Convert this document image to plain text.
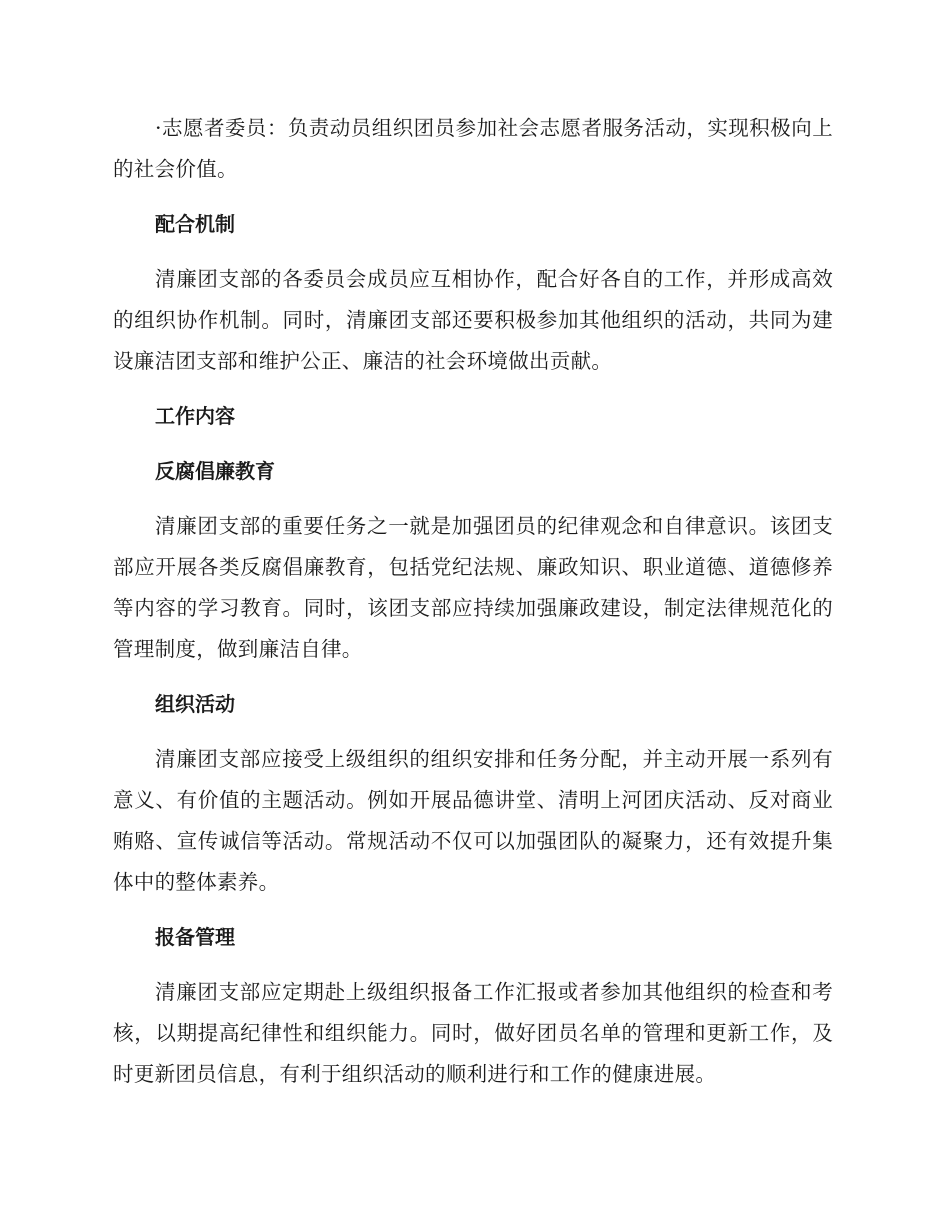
·志愿者委员：负责动员组织团员参加社会志愿者服务活动，实现积极向上的社会价值。

配合机制

清廉团支部的各委员会成员应互相协作，配合好各自的工作，并形成高效的组织协作机制。同时，清廉团支部还要积极参加其他组织的活动，共同为建设廉洁团支部和维护公正、廉洁的社会环境做出贡献。

工作内容
反腐倡廉教育

清廉团支部的重要任务之一就是加强团员的纪律观念和自律意识。该团支部应开展各类反腐倡廉教育，包括党纪法规、廉政知识、职业道德、道德修养等内容的学习教育。同时，该团支部应持续加强廉政建设，制定法律规范化的管理制度，做到廉洁自律。

组织活动

清廉团支部应接受上级组织的组织安排和任务分配，并主动开展一系列有意义、有价值的主题活动。例如开展品德讲堂、清明上河团庆活动、反对商业贿赂、宣传诚信等活动。常规活动不仅可以加强团队的凝聚力，还有效提升集体中的整体素养。

报备管理

清廉团支部应定期赴上级组织报备工作汇报或者参加其他组织的检查和考核，以期提高纪律性和组织能力。同时，做好团员名单的管理和更新工作，及时更新团员信息，有利于组织活动的顺利进行和工作的健康进展。
